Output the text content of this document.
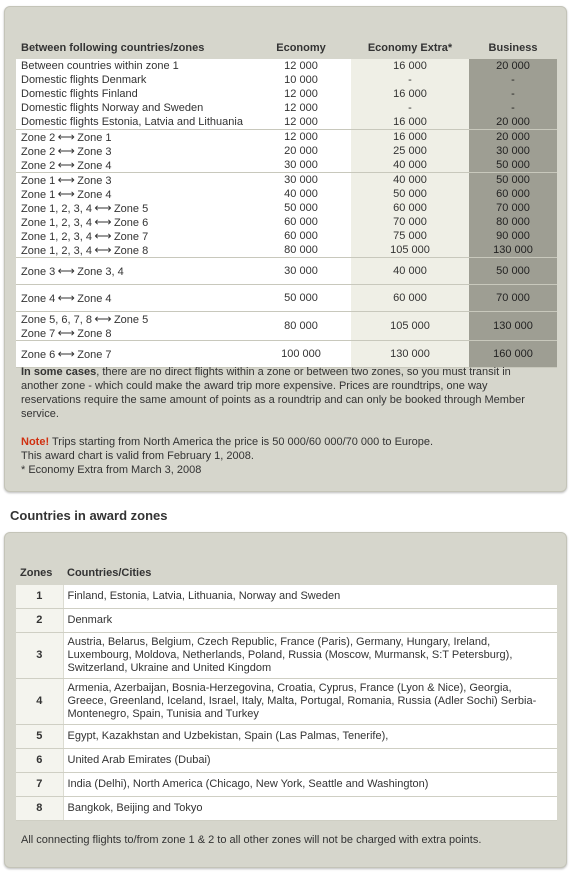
Between following countries/zones	Economy	Economy Extra*	Business
Between countries within zone 1	12 000	16 000	20 000
Domestic flights Denmark	10 000	-	-
Domestic flights Finland	12 000	16 000	-
Domestic flights Norway and Sweden	12 000	-	-
Domestic flights Estonia, Latvia and Lithuania	12 000	16 000	20 000

Zone 2 ⟷ Zone 1	12 000	16 000	20 000

Zone 2 ⟷ Zone 3	20 000	25 000	30 000

Zone 2 ⟷ Zone 4	30 000	40 000	50 000

Zone 1 ⟷ Zone 3	30 000	40 000	50 000

Zone 1 ⟷ Zone 4	40 000	50 000	60 000

Zone 1, 2, 3, 4 ⟷ Zone 5	50 000	60 000	70 000

Zone 1, 2, 3, 4 ⟷ Zone 6	60 000	70 000	80 000

Zone 1, 2, 3, 4 ⟷ Zone 7	60 000	75 000	90 000

Zone 1, 2, 3, 4 ⟷ Zone 8	80 000	105 000	130 000

Zone 3 ⟷ Zone 3, 4	30 000	40 000	50 000

Zone 4 ⟷ Zone 4	50 000	60 000	70 000

Zone 5, 6, 7, 8 ⟷ Zone 5
Zone 7 ⟷ Zone 8	80 000	105 000	130 000

Zone 6 ⟷ Zone 7	100 000	130 000	160 000
In some cases, there are no direct flights within a zone or between two zones, so you must transit in another zone - which could make the award trip more expensive. Prices are roundtrips, one way reservations require the same amount of points as a roundtrip and can only be booked through Member service.
Note! Trips starting from North America the price is 50 000/60 000/70 000 to Europe.
This award chart is valid from February 1, 2008.
* Economy Extra from March 3, 2008
Countries in award zones
Zones	Countries/Cities
1	Finland, Estonia, Latvia, Lithuania, Norway and Sweden
2	Denmark
3	Austria, Belarus, Belgium, Czech Republic, France (Paris), Germany, Hungary, Ireland, Luxembourg, Moldova, Netherlands, Poland, Russia (Moscow, Murmansk, S:T Petersburg), Switzerland, Ukraine and United Kingdom
4	Armenia, Azerbaijan, Bosnia-Herzegovina, Croatia, Cyprus, France (Lyon & Nice), Georgia, Greece, Greenland, Iceland, Israel, Italy, Malta, Portugal, Romania, Russia (Adler Sochi) Serbia-Montenegro, Spain, Tunisia and Turkey
5	Egypt, Kazakhstan and Uzbekistan, Spain (Las Palmas, Tenerife),
6	United Arab Emirates (Dubai)
7	India (Delhi), North America (Chicago, New York, Seattle and Washington)
8	Bangkok, Beijing and Tokyo
All connecting flights to/from zone 1 & 2 to all other zones will not be charged with extra points.
